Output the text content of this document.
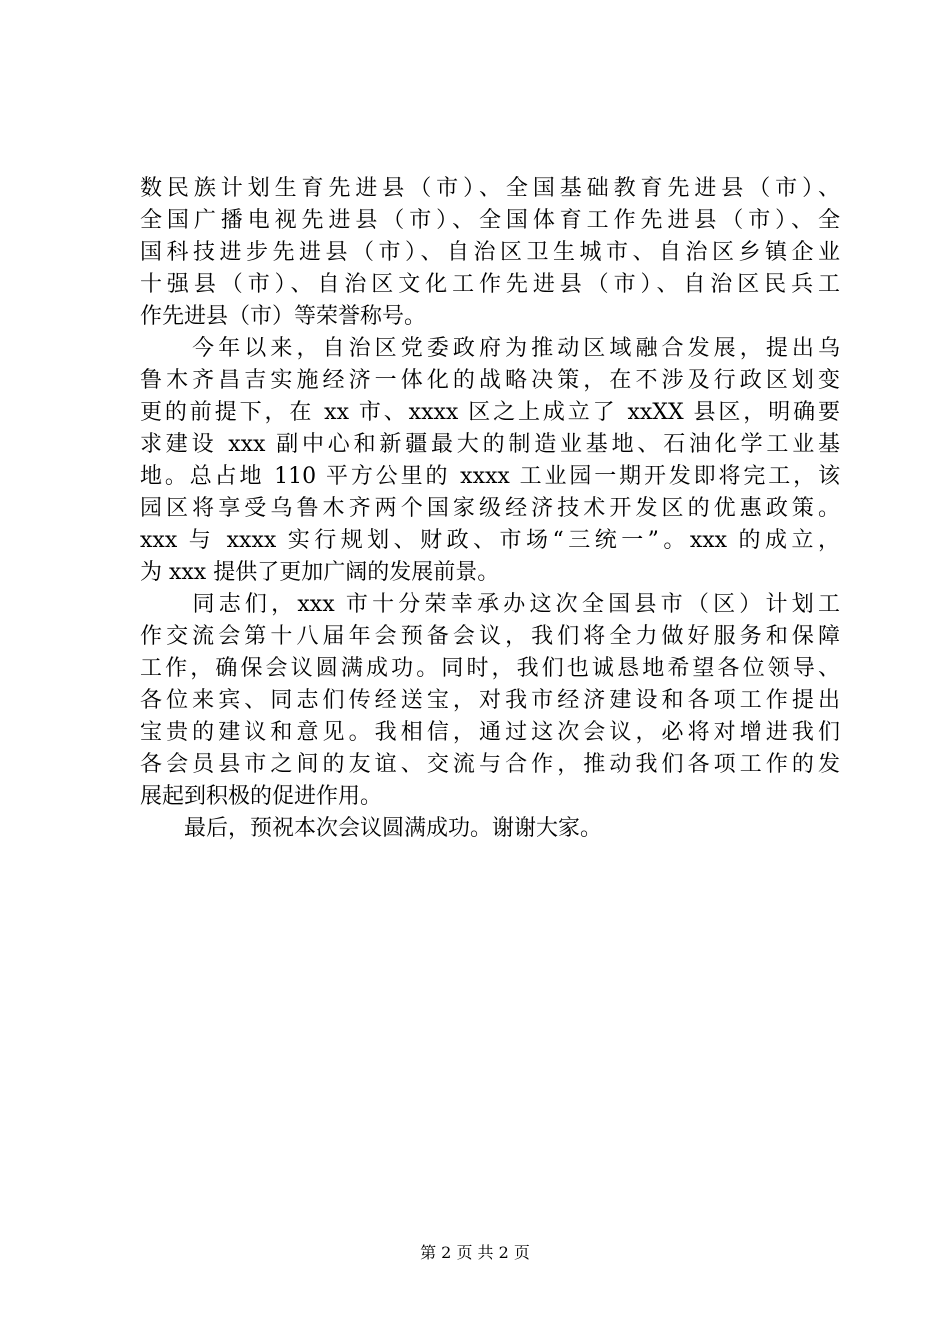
数民族计划生育先进县（市）、全国基础教育先进县（市）、
全国广播电视先进县（市）、全国体育工作先进县（市）、全
国科技进步先进县（市）、自治区卫生城市、自治区乡镇企业
十强县（市）、自治区文化工作先进县（市）、自治区民兵工
作先进县（市）等荣誉称号。
　　今年以来，自治区党委政府为推动区域融合发展，提出乌
鲁木齐昌吉实施经济一体化的战略决策，在不涉及行政区划变
更的前提下，在 xx 市、xxxx 区之上成立了 xxXX 县区，明确要
求建设 xxx 副中心和新疆最大的制造业基地、石油化学工业基
地。总占地 110 平方公里的 xxxx 工业园一期开发即将完工，该
园区将享受乌鲁木齐两个国家级经济技术开发区的优惠政策。
xxx 与 xxxx 实行规划、财政、市场“三统一”。xxx 的成立，
为 xxx 提供了更加广阔的发展前景。
　　同志们，xxx 市十分荣幸承办这次全国县市（区）计划工
作交流会第十八届年会预备会议，我们将全力做好服务和保障
工作，确保会议圆满成功。同时，我们也诚恳地希望各位领导、
各位来宾、同志们传经送宝，对我市经济建设和各项工作提出
宝贵的建议和意见。我相信，通过这次会议，必将对增进我们
各会员县市之间的友谊、交流与合作，推动我们各项工作的发
展起到积极的促进作用。
　　最后，预祝本次会议圆满成功。谢谢大家。
第 2 页 共 2 页
